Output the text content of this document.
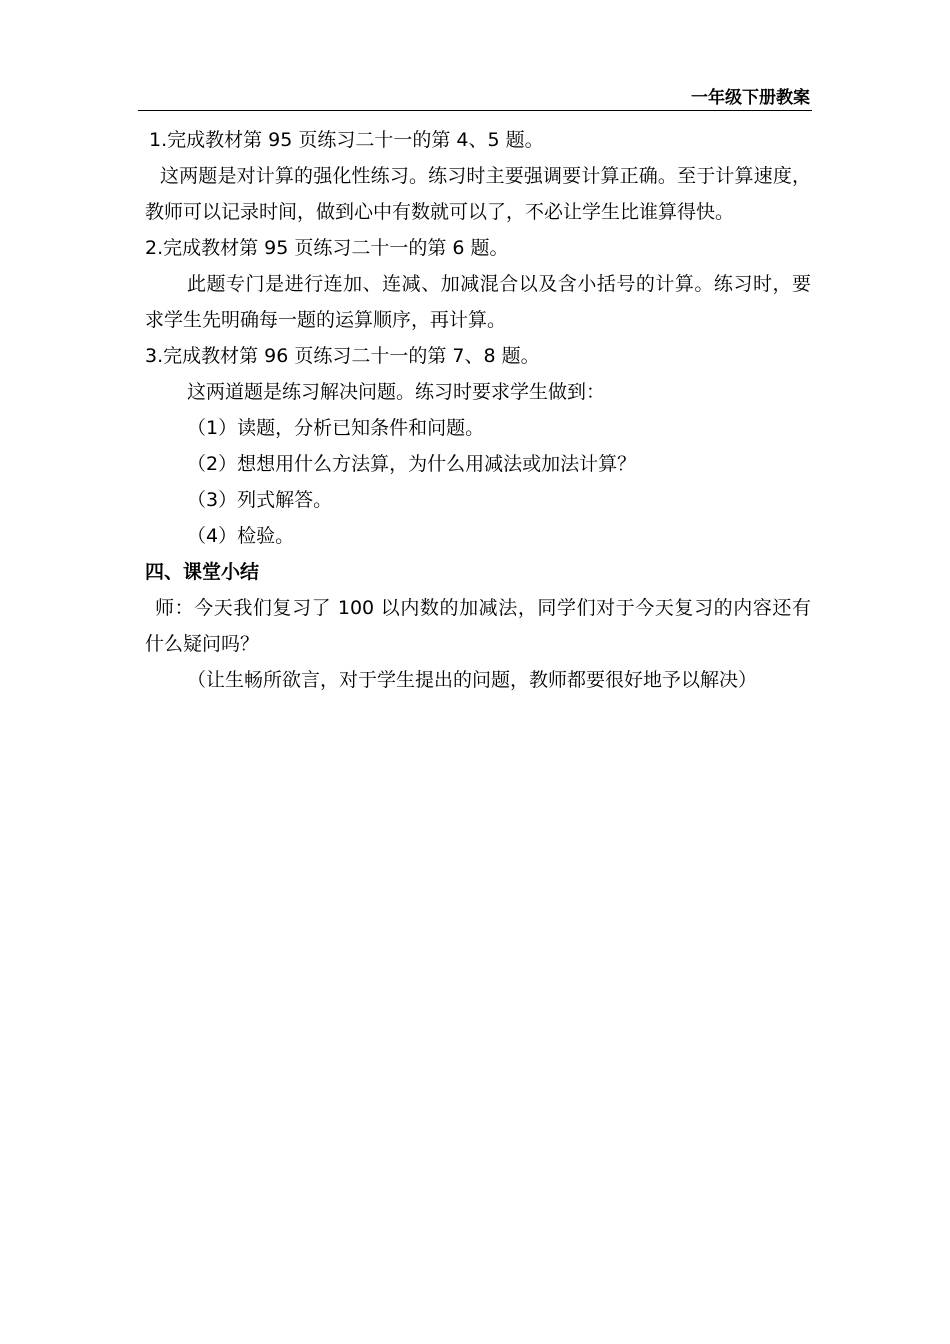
一年级下册教案

1.完成教材第 95 页练习二十一的第 4、5 题。

这两题是对计算的强化性练习。练习时主要强调要计算正确。至于计算速度，教师可以记录时间，做到心中有数就可以了，不必让学生比谁算得快。

2.完成教材第 95 页练习二十一的第 6 题。

此题专门是进行连加、连减、加减混合以及含小括号的计算。练习时，要求学生先明确每一题的运算顺序，再计算。

3.完成教材第 96 页练习二十一的第 7、8 题。

这两道题是练习解决问题。练习时要求学生做到：

（1）读题，分析已知条件和问题。

（2）想想用什么方法算，为什么用减法或加法计算？

（3）列式解答。

（4）检验。

四、课堂小结

师：今天我们复习了 100 以内数的加减法，同学们对于今天复习的内容还有什么疑问吗？

（让生畅所欲言，对于学生提出的问题，教师都要很好地予以解决）
